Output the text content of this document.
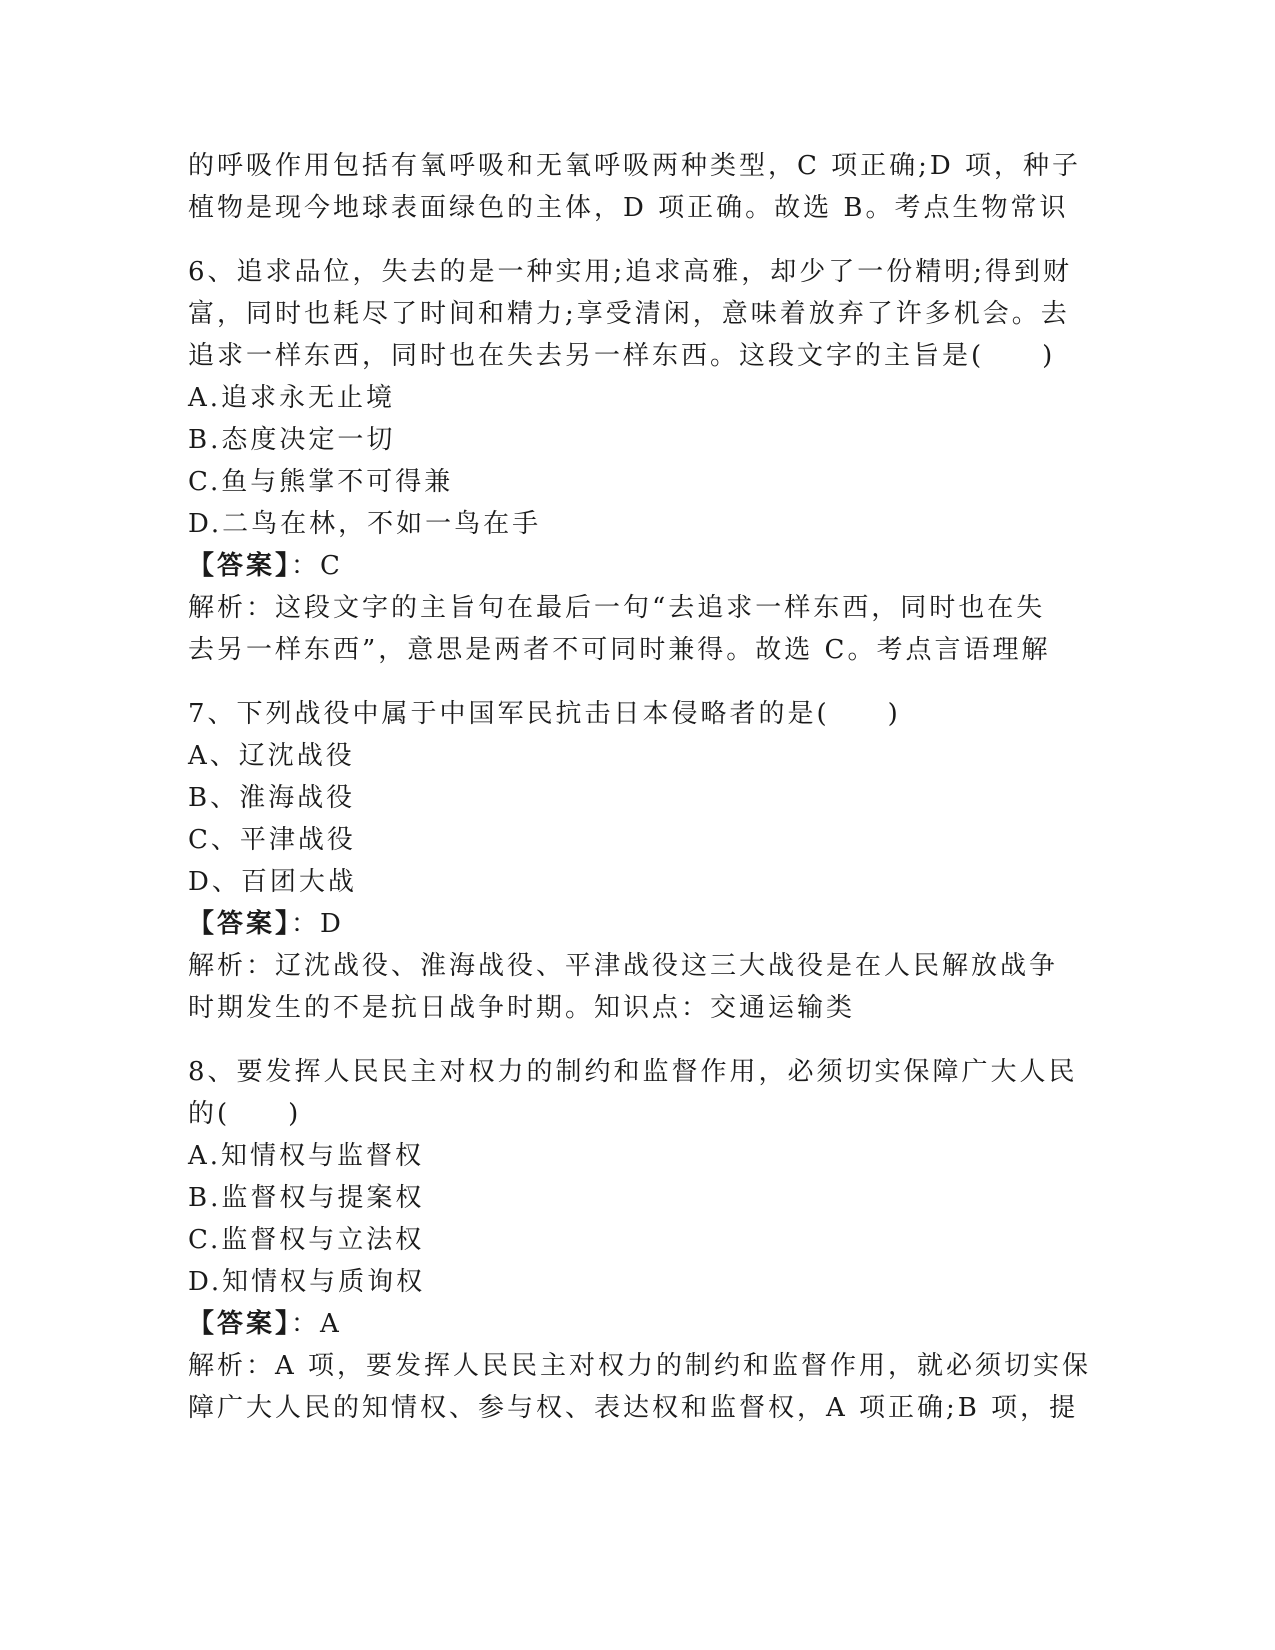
的呼吸作用包括有氧呼吸和无氧呼吸两种类型，C 项正确;D 项，种子
植物是现今地球表面绿色的主体，D 项正确。故选 B。考点生物常识
6、追求品位，失去的是一种实用;追求高雅，却少了一份精明;得到财
富，同时也耗尽了时间和精力;享受清闲，意味着放弃了许多机会。去
追求一样东西，同时也在失去另一样东西。这段文字的主旨是(　　)
A.追求永无止境
B.态度决定一切
C.鱼与熊掌不可得兼
D.二鸟在林，不如一鸟在手
【答案】：C
解析：这段文字的主旨句在最后一句“去追求一样东西，同时也在失
去另一样东西”，意思是两者不可同时兼得。故选 C。考点言语理解
7、下列战役中属于中国军民抗击日本侵略者的是(　　)
A、辽沈战役
B、淮海战役
C、平津战役
D、百团大战
【答案】：D
解析：辽沈战役、淮海战役、平津战役这三大战役是在人民解放战争
时期发生的不是抗日战争时期。知识点：交通运输类
8、要发挥人民民主对权力的制约和监督作用，必须切实保障广大人民
的(　　)
A.知情权与监督权
B.监督权与提案权
C.监督权与立法权
D.知情权与质询权
【答案】：A
解析：A 项，要发挥人民民主对权力的制约和监督作用，就必须切实保
障广大人民的知情权、参与权、表达权和监督权，A 项正确;B 项，提
